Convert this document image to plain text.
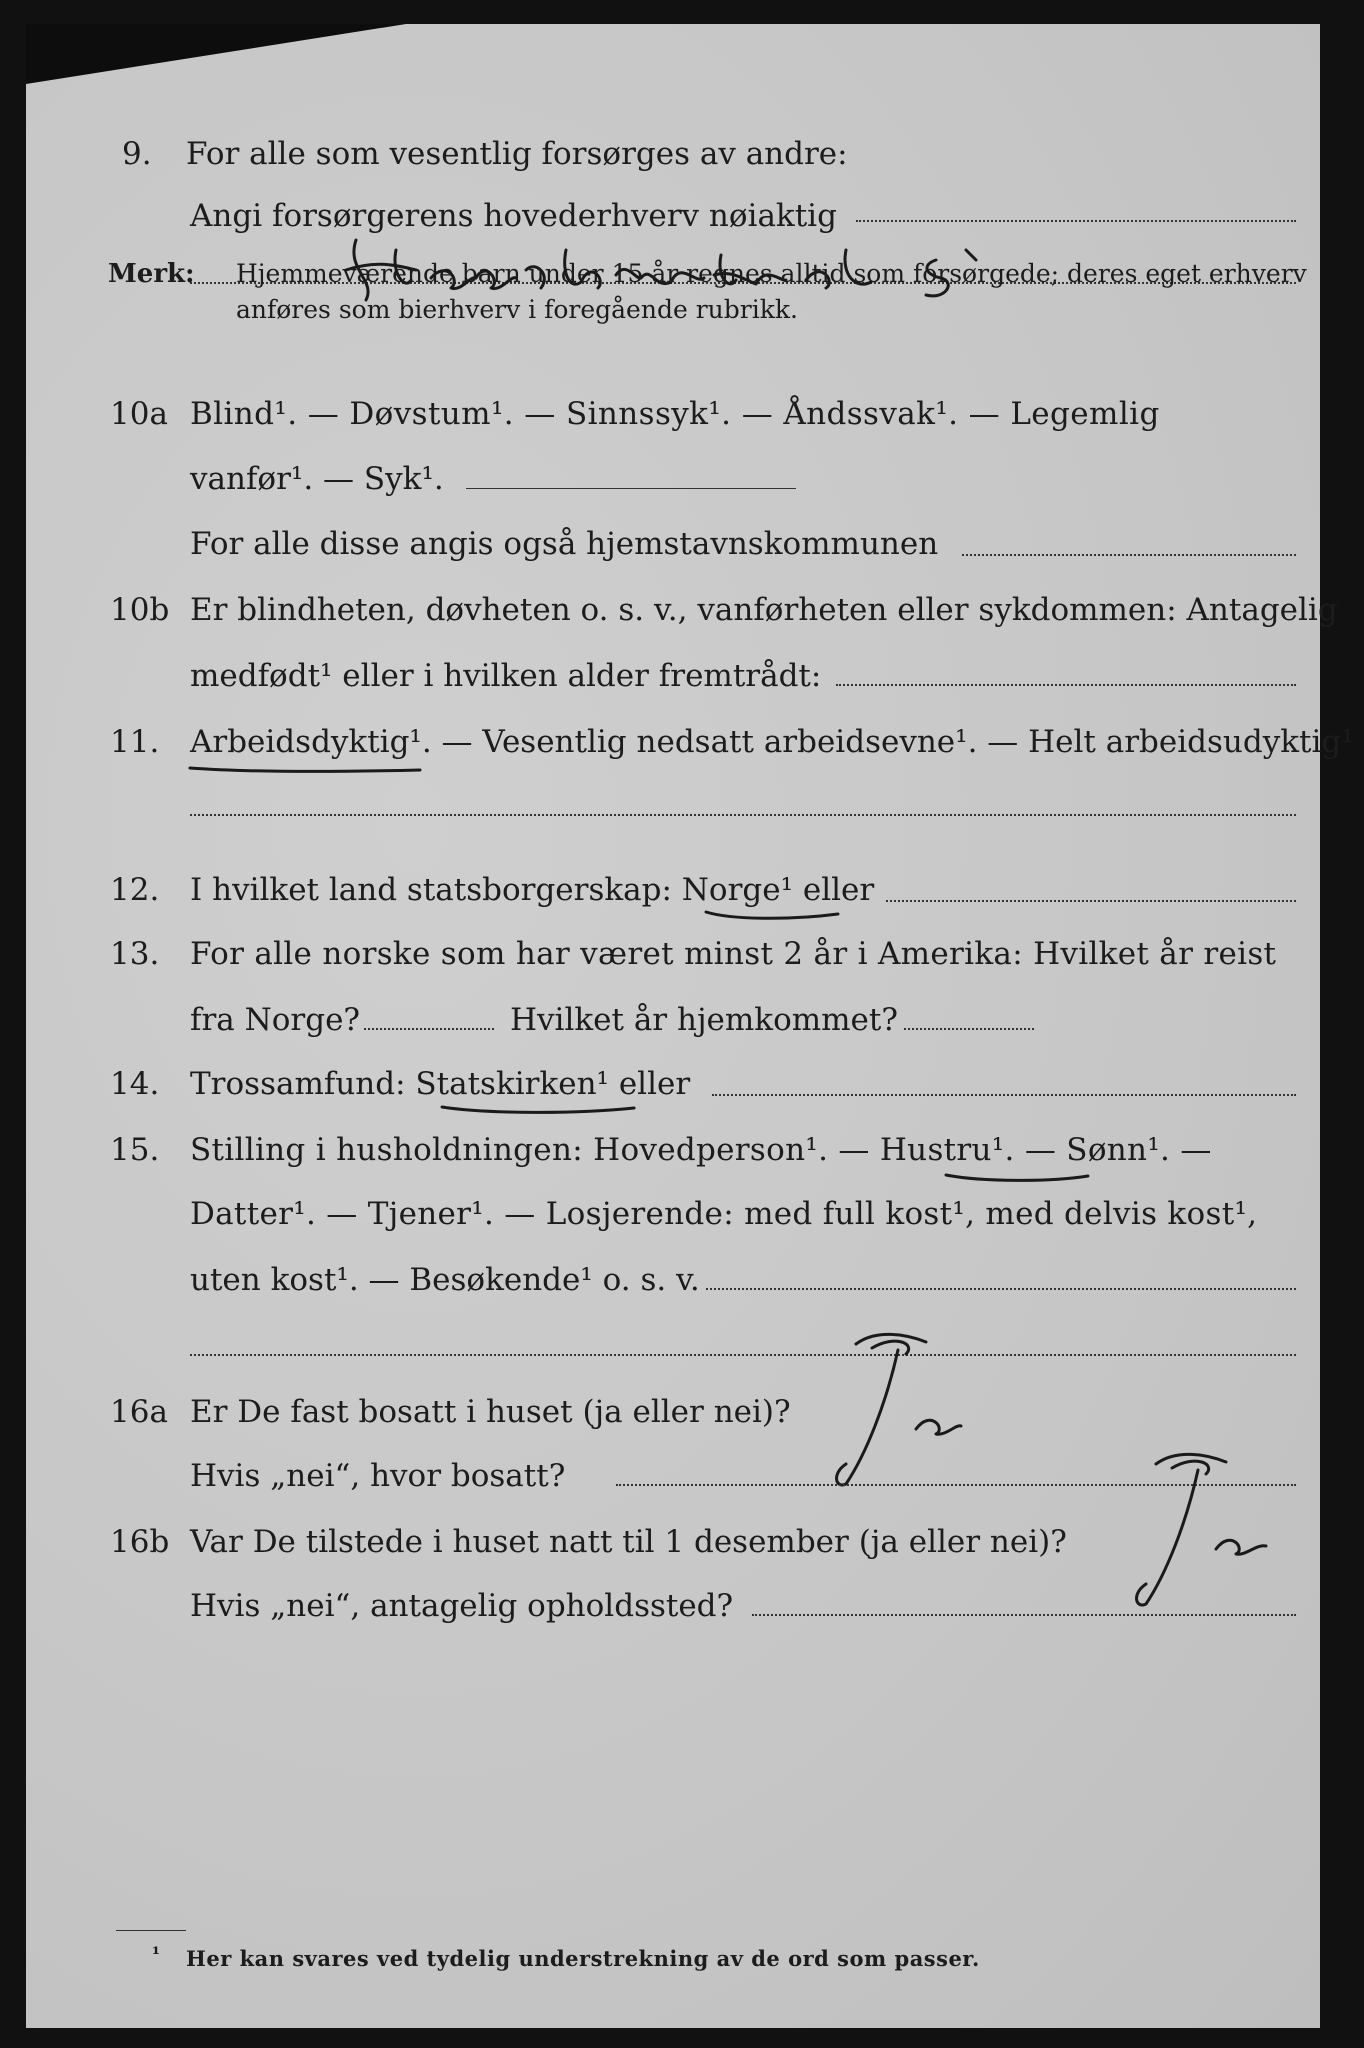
9. For alle som vesentlig forsørges av andre:
Angi forsørgerens hovederhverv nøiaktig
Merk: Hjemmeværende barn under 15 år regnes alltid som forsørgede; deres eget erhverv
anføres som bierhverv i foregående rubrikk.
10a Blind¹. — Døvstum¹. — Sinnssyk¹. — Åndssvak¹. — Legemlig
vanfør¹. — Syk¹.
For alle disse angis også hjemstavnskommunen
10b Er blindheten, døvheten o. s. v., vanførheten eller sykdommen: Antagelig
medfødt¹ eller i hvilken alder fremtrådt:
11. Arbeidsdyktig¹. — Vesentlig nedsatt arbeidsevne¹. — Helt arbeidsudyktig¹
12. I hvilket land statsborgerskap: Norge¹ eller
13. For alle norske som har været minst 2 år i Amerika: Hvilket år reist
fra Norge?	Hvilket år hjemkommet?
14. Trossamfund: Statskirken¹ eller
15. Stilling i husholdningen: Hovedperson¹. — Hustru¹. — Sønn¹. —
Datter¹. — Tjener¹. — Losjerende: med full kost¹, med delvis kost¹,
uten kost¹. — Besøkende¹ o. s. v.
16a Er De fast bosatt i huset (ja eller nei)?
Hvis „nei“, hvor bosatt?
16b Var De tilstede i huset natt til 1 desember (ja eller nei)?
Hvis „nei“, antagelig opholdssted?
¹ Her kan svares ved tydelig understrekning av de ord som passer.
